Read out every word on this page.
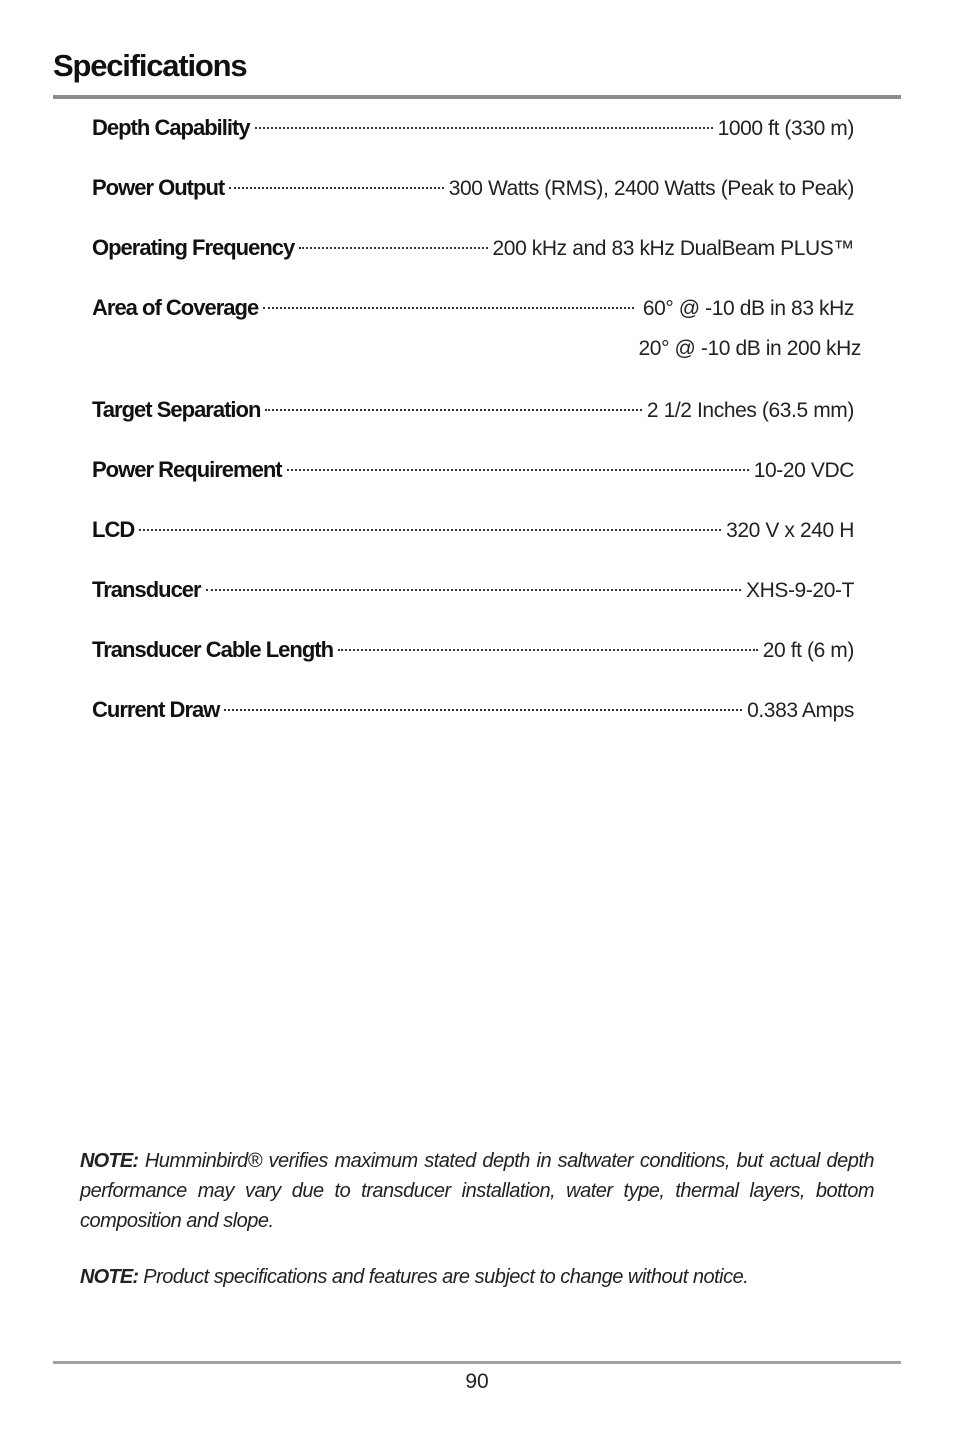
Specifications
Depth Capability	1000 ft (330 m)
Power Output	300 Watts (RMS), 2400 Watts (Peak to Peak)
Operating Frequency	200 kHz and 83 kHz DualBeam PLUS™
Area of Coverage	60° @ -10 dB in 83 kHz
20° @ -10 dB in 200 kHz
Target Separation	2 1/2 Inches (63.5 mm)
Power Requirement	10-20 VDC
LCD	320 V x 240 H
Transducer	XHS-9-20-T
Transducer Cable Length	20 ft (6 m)
Current Draw	0.383 Amps

NOTE: Humminbird® verifies maximum stated depth in saltwater conditions, but actual depth performance may vary due to transducer installation, water type, thermal layers, bottom composition and slope.

NOTE: Product specifications and features are subject to change without notice.

90
